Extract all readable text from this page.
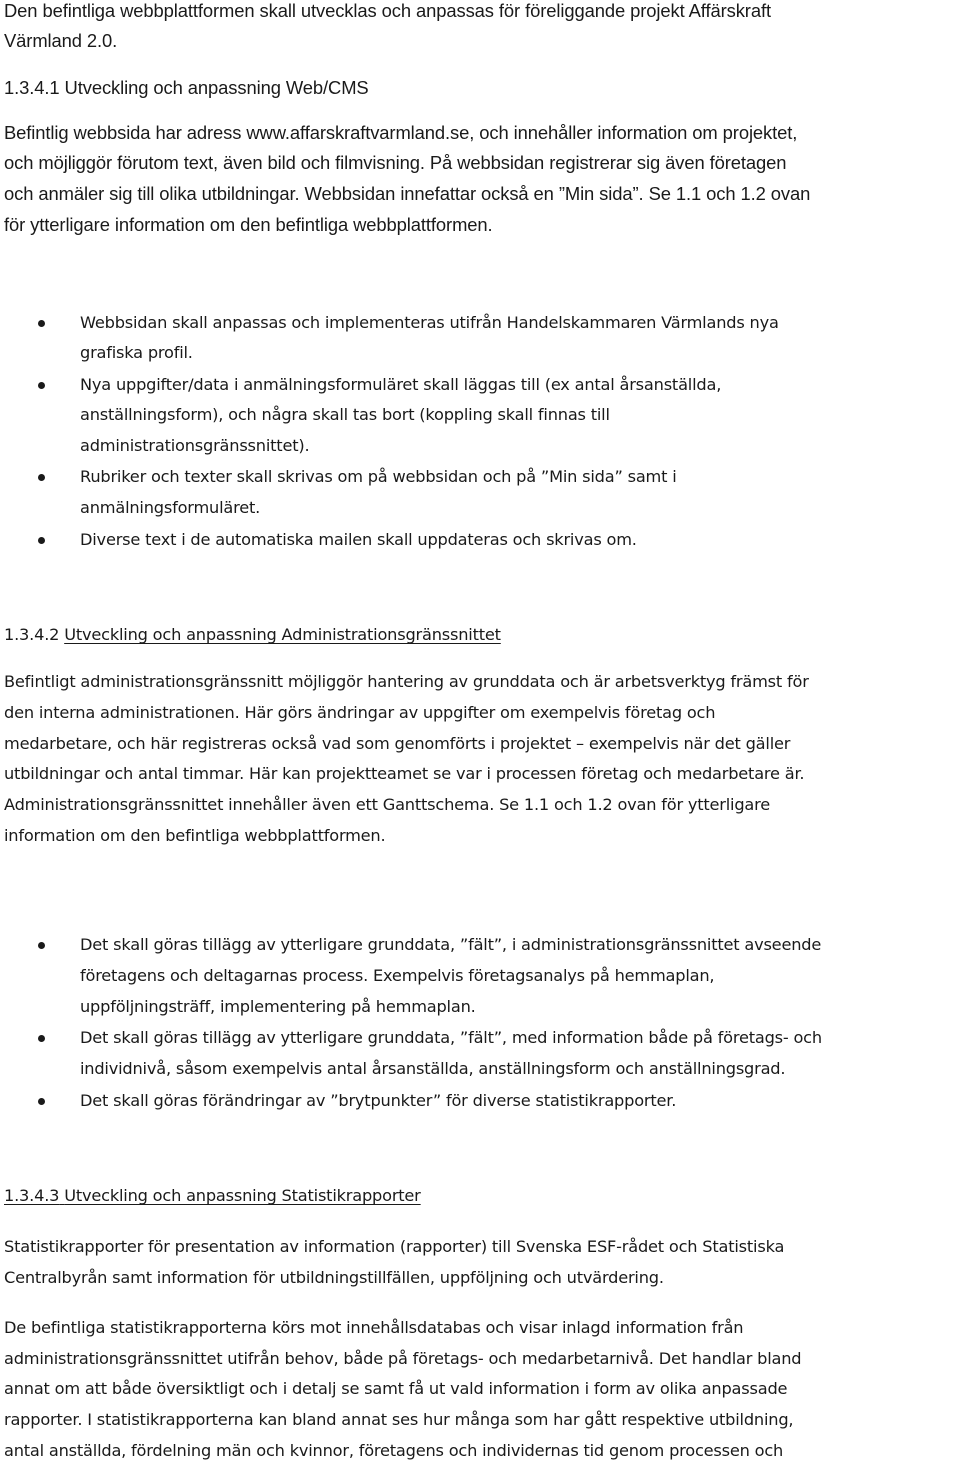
Den befintliga webbplattformen skall utvecklas och anpassas för föreliggande projekt Affärskraft

Värmland 2.0.

1.3.4.1 Utveckling och anpassning Web/CMS

Befintlig webbsida har adress www.affarskraftvarmland.se, och innehåller information om projektet,

och möjliggör förutom text, även bild och filmvisning. På webbsidan registrerar sig även företagen

och anmäler sig till olika utbildningar. Webbsidan innefattar också en ”Min sida”. Se 1.1 och 1.2 ovan

för ytterligare information om den befintliga webbplattformen.

Webbsidan skall anpassas och implementeras utifrån Handelskammaren Värmlands nya

grafiska profil.

Nya uppgifter/data i anmälningsformuläret skall läggas till (ex antal årsanställda,

anställningsform), och några skall tas bort (koppling skall finnas till

administrationsgränssnittet).

Rubriker och texter skall skrivas om på webbsidan och på ”Min sida” samt i

anmälningsformuläret.

Diverse text i de automatiska mailen skall uppdateras och skrivas om.

1.3.4.2 Utveckling och anpassning Administrationsgränssnittet

Befintligt administrationsgränssnitt möjliggör hantering av grunddata och är arbetsverktyg främst för

den interna administrationen. Här görs ändringar av uppgifter om exempelvis företag och

medarbetare, och här registreras också vad som genomförts i projektet – exempelvis när det gäller

utbildningar och antal timmar. Här kan projektteamet se var i processen företag och medarbetare är.

Administrationsgränssnittet innehåller även ett Ganttschema. Se 1.1 och 1.2 ovan för ytterligare

information om den befintliga webbplattformen.

Det skall göras tillägg av ytterligare grunddata, ”fält”, i administrationsgränssnittet avseende

företagens och deltagarnas process. Exempelvis företagsanalys på hemmaplan,

uppföljningsträff, implementering på hemmaplan.

Det skall göras tillägg av ytterligare grunddata, ”fält”, med information både på företags- och

individnivå, såsom exempelvis antal årsanställda, anställningsform och anställningsgrad.

Det skall göras förändringar av ”brytpunkter” för diverse statistikrapporter.

1.3.4.3 Utveckling och anpassning Statistikrapporter

Statistikrapporter för presentation av information (rapporter) till Svenska ESF-rådet och Statistiska

Centralbyrån samt information för utbildningstillfällen, uppföljning och utvärdering.

De befintliga statistikrapporterna körs mot innehållsdatabas och visar inlagd information från

administrationsgränssnittet utifrån behov, både på företags- och medarbetarnivå. Det handlar bland

annat om att både översiktligt och i detalj se samt få ut vald information i form av olika anpassade

rapporter. I statistikrapporterna kan bland annat ses hur många som har gått respektive utbildning,

antal anställda, fördelning män och kvinnor, företagens och individernas tid genom processen och
